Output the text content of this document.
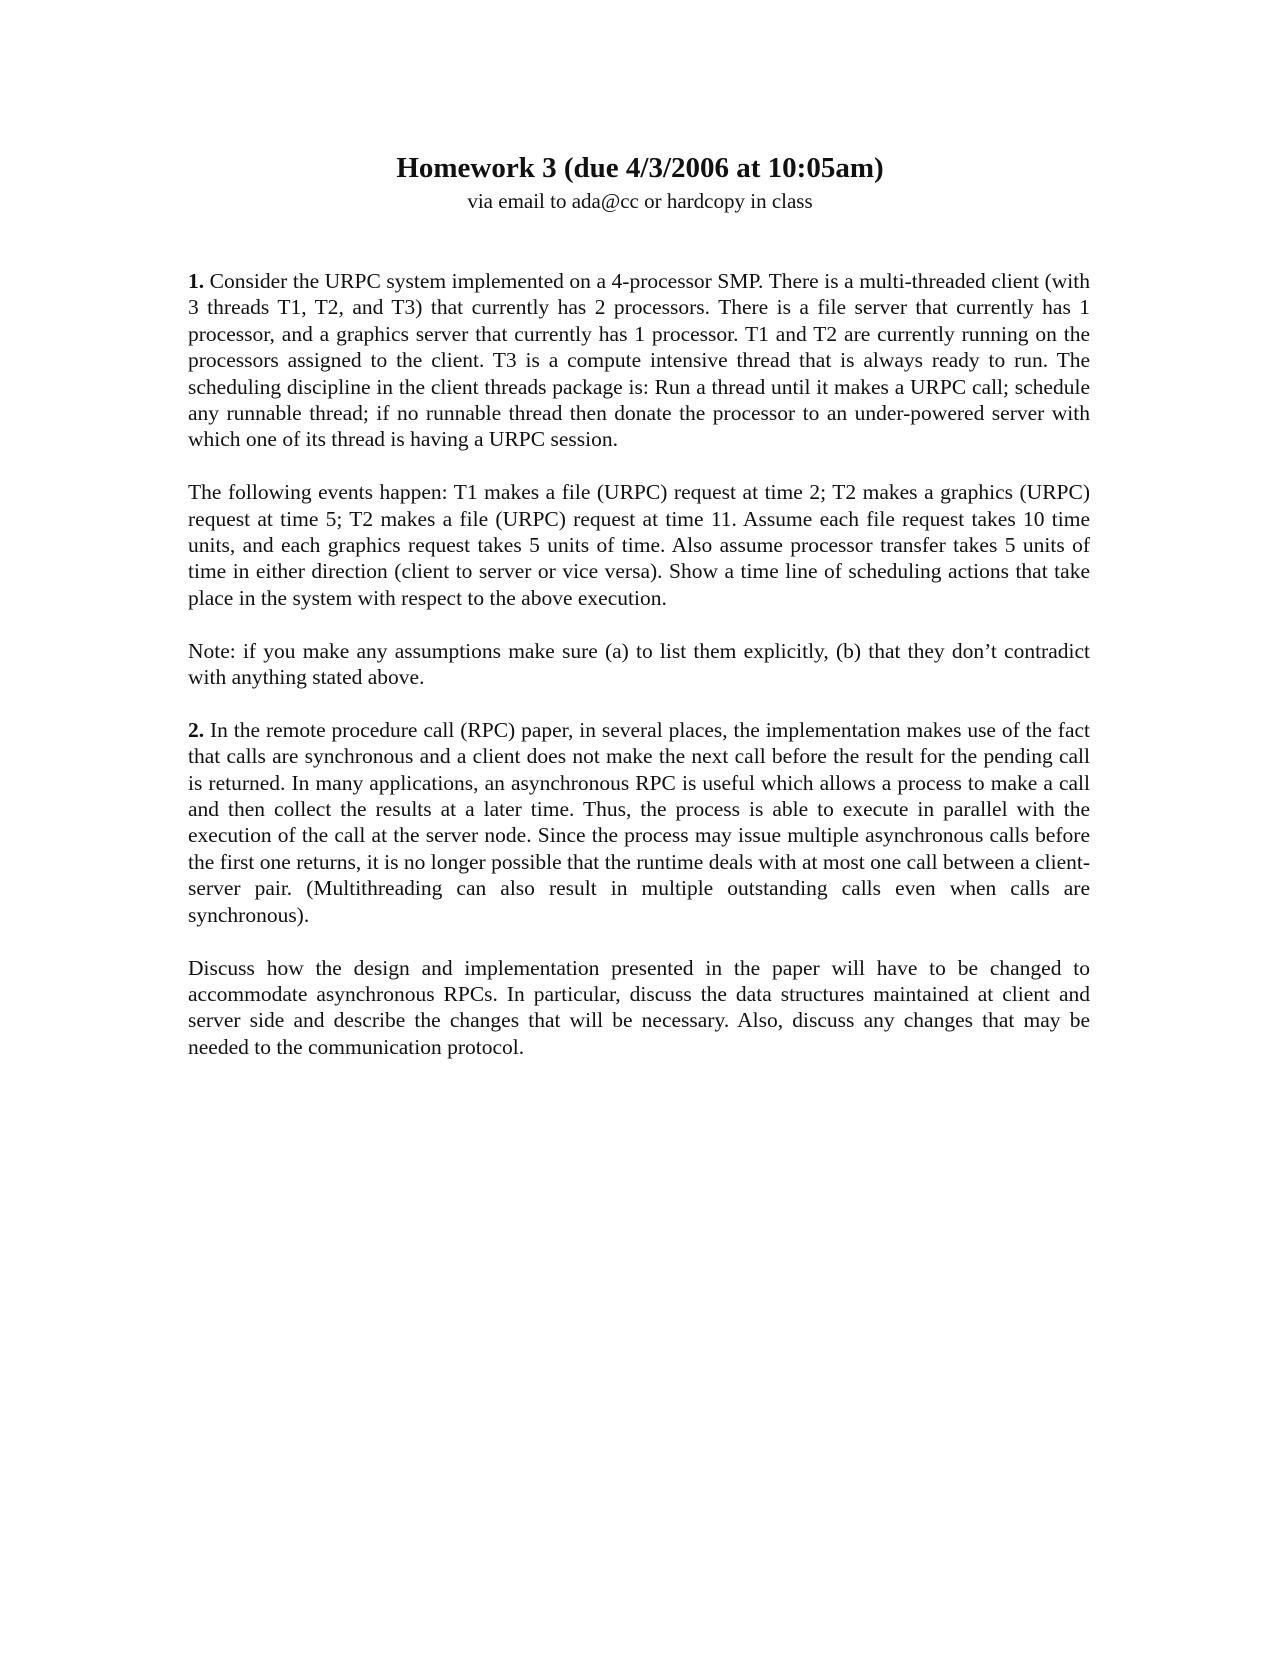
Homework 3 (due 4/3/2006 at 10:05am)

via email to ada@cc or hardcopy in class

1. Consider the URPC system implemented on a 4-processor SMP. There is a multi-threaded client (with 3 threads T1, T2, and T3) that currently has 2 processors. There is a file server that currently has 1 processor, and a graphics server that currently has 1 processor. T1 and T2 are currently running on the processors assigned to the client. T3 is a compute intensive thread that is always ready to run. The scheduling discipline in the client threads package is: Run a thread until it makes a URPC call; schedule any runnable thread; if no runnable thread then donate the processor to an under-powered server with which one of its thread is having a URPC session.

The following events happen: T1 makes a file (URPC) request at time 2; T2 makes a graphics (URPC) request at time 5; T2 makes a file (URPC) request at time 11. Assume each file request takes 10 time units, and each graphics request takes 5 units of time. Also assume processor transfer takes 5 units of time in either direction (client to server or vice versa). Show a time line of scheduling actions that take place in the system with respect to the above execution.

Note: if you make any assumptions make sure (a) to list them explicitly, (b) that they don’t contradict with anything stated above.

2. In the remote procedure call (RPC) paper, in several places, the implementation makes use of the fact that calls are synchronous and a client does not make the next call before the result for the pending call is returned. In many applications, an asynchronous RPC is useful which allows a process to make a call and then collect the results at a later time. Thus, the process is able to execute in parallel with the execution of the call at the server node. Since the process may issue multiple asynchronous calls before the first one returns, it is no longer possible that the runtime deals with at most one call between a client-server pair. (Multithreading can also result in multiple outstanding calls even when calls are synchronous).

Discuss how the design and implementation presented in the paper will have to be changed to accommodate asynchronous RPCs. In particular, discuss the data structures maintained at client and server side and describe the changes that will be necessary. Also, discuss any changes that may be needed to the communication protocol.
